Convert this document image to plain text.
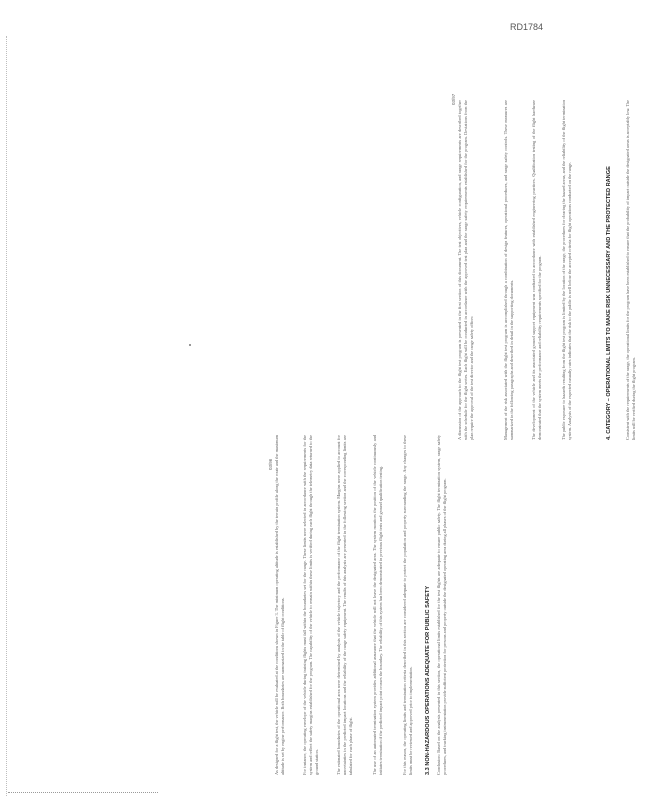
RD1784
03/96 As designed for a flight test, the vehicle will be evaluated at the conditions shown in Figure 3. The minimum operating altitude is established by the terrain profile along the route and the maximum altitude is set by engine performance. Both boundaries are summarized in the table of flight conditions.	For instance, the operating envelope of the vehicle during training flights must fall within the boundaries set for the range. These limits were selected in accordance with the requirements for the system and reflect the safety margins established for the program. The capability of the vehicle to remain within these limits is verified during each flight through the telemetry data returned to the ground station.	The estimated boundaries of the operational area were determined by analysis of the vehicle trajectory and the performance of the flight termination system. Margins were applied to account for uncertainties in the predicted impact locations and the reliability of the range safety equipment. The results of this analysis are presented in the following section and the corresponding limits are tabulated for each phase of flight.	The use of an automated termination system provides additional assurance that the vehicle will not leave the designated area. The system monitors the position of the vehicle continuously and initiates termination if the predicted impact point crosses the boundary. The reliability of this system has been demonstrated in previous flight tests and ground qualification testing.	For this reason, the operating limits and termination criteria described in this section are considered adequate to protect the population and property surrounding the range. Any changes to these limits must be reviewed and approved prior to implementation. 3.3 NON-HAZARDOUS OPERATIONS ADEQUATE FOR PUBLIC SAFETY Conclusion: Based on the analysis presented in this section, the operational limits established for the test flights are adequate to ensure public safety. The flight termination system, range safety procedures, and tracking instrumentation provide sufficient protection for persons and property outside the designated operating area during all phases of the flight program.
03/97
A discussion of the approach to the flight test program is presented in the first section of this document. The test objectives, vehicle configuration, and range requirements are described together with the schedule for the flight series. Each flight will be conducted in accordance with the approved test plan and the range safety requirements established for the program. Deviations from the plan require the approval of the test director and the range safety officer.	Management of the risk associated with the flight test program is accomplished through a combination of design features, operational procedures, and range safety controls. These measures are summarized in the following paragraphs and described in detail in the supporting documents.	The development of the vehicle and its associated ground support equipment was conducted in accordance with established engineering practices. Qualification testing of the flight hardware demonstrated that the system meets the performance and reliability requirements specified for the program.	The public exposure to hazards resulting from the flight test program is limited by the location of the range, the procedures for clearing the hazard areas, and the reliability of the flight termination system. Analysis of the expected casualty rates indicates that the risk to the public is well below the accepted criteria for flight operations conducted on the range.	4. CATEGORY – OPERATIONAL LIMITS TO MAKE RISK UNNECESSARY AND THE PROTECTED RANGE	Consistent with the requirements of the range, the operational limits for the program have been established to ensure that the probability of impact outside the designated areas is acceptably low. The limits will be verified during the flight program.
